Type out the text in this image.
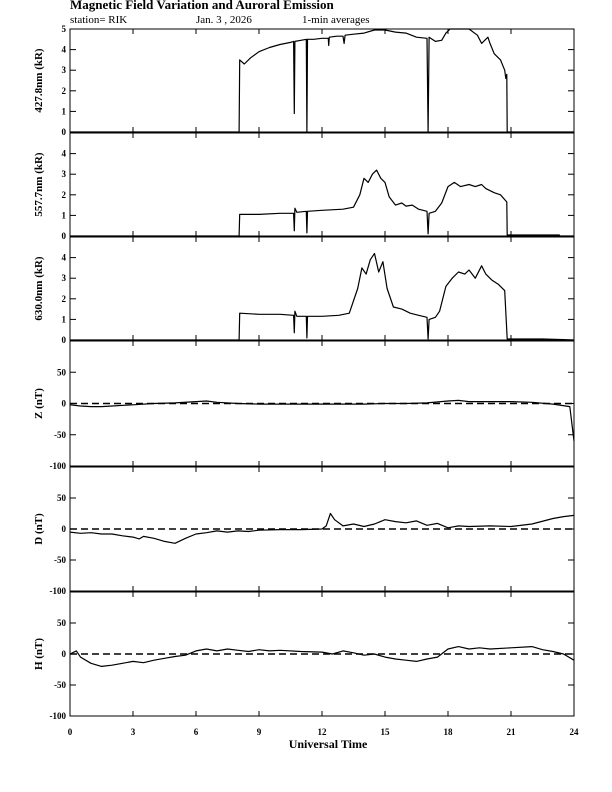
Magnetic Field Variation and Auroral Emission
station= RIK	Jan. 3 , 2026	1-min averages
0
1
2
3
4
5
427.8nm (kR)
0
1
2
3
4
557.7nm (kR)
0
1
2
3
4
630.0nm (kR)
-100
-50
0
50
Z (nT)
-100
-50
0
50
D (nT)
-100
-50
0
50
H (nT)
0	3	6	9	12	15	18	21	24
Universal Time
